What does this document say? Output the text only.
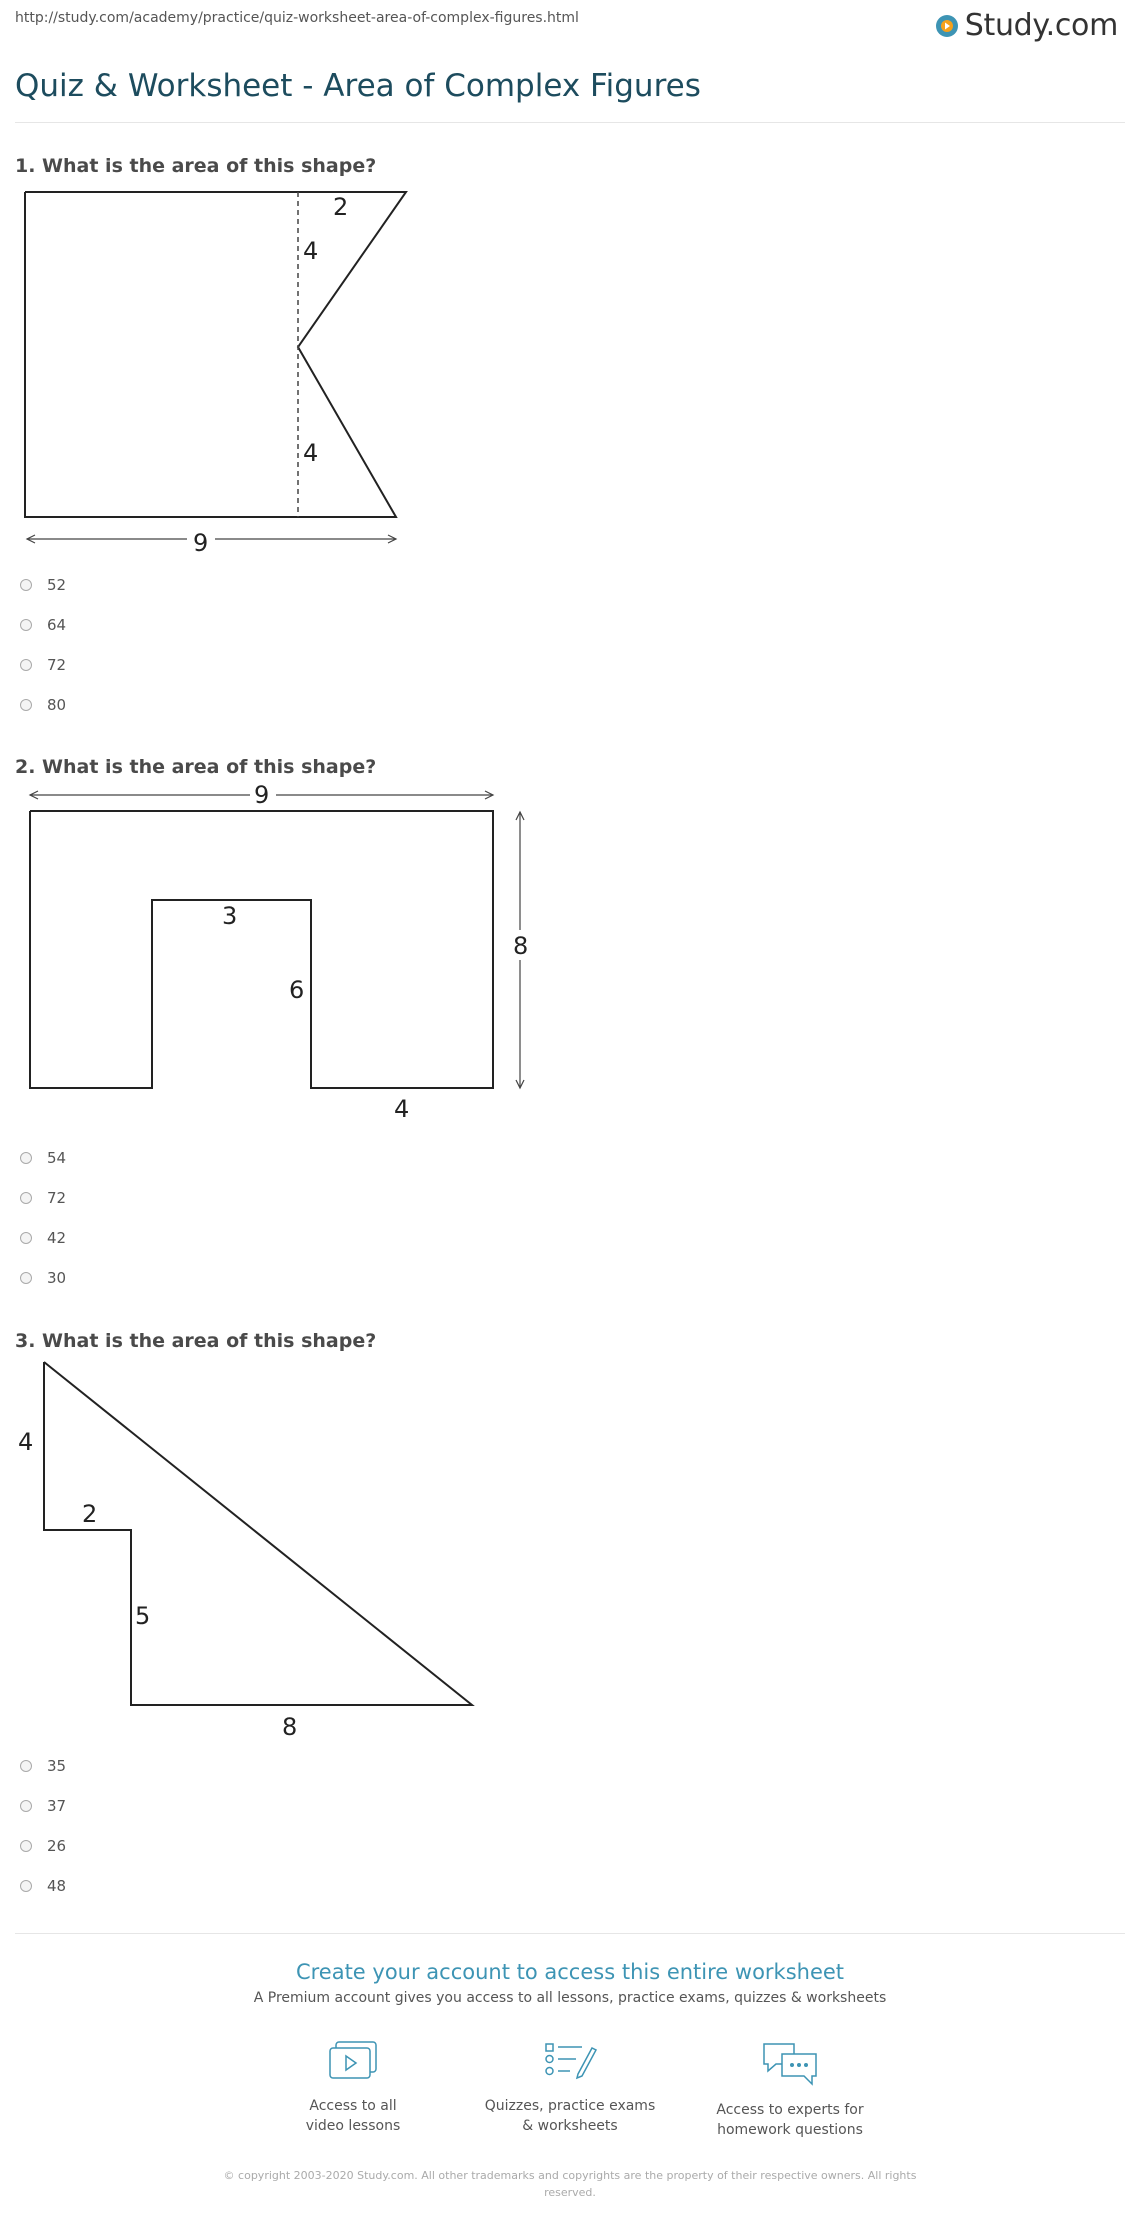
http://study.com/academy/practice/quiz-worksheet-area-of-complex-figures.html	Study.com
Quiz & Worksheet - Area of Complex Figures
1. What is the area of this shape?
2
4
4
9
52
64
72
80
2. What is the area of this shape?
9
8
3
6
4
54
72
42
30
3. What is the area of this shape?
4
2
5
8
35
37
26
48
Create your account to access this entire worksheet
A Premium account gives you access to all lessons, practice exams, quizzes & worksheets
Access to all
video lessons
Quizzes, practice exams
& worksheets
Access to experts for
homework questions
© copyright 2003-2020 Study.com. All other trademarks and copyrights are the property of their respective owners. All rights
reserved.
